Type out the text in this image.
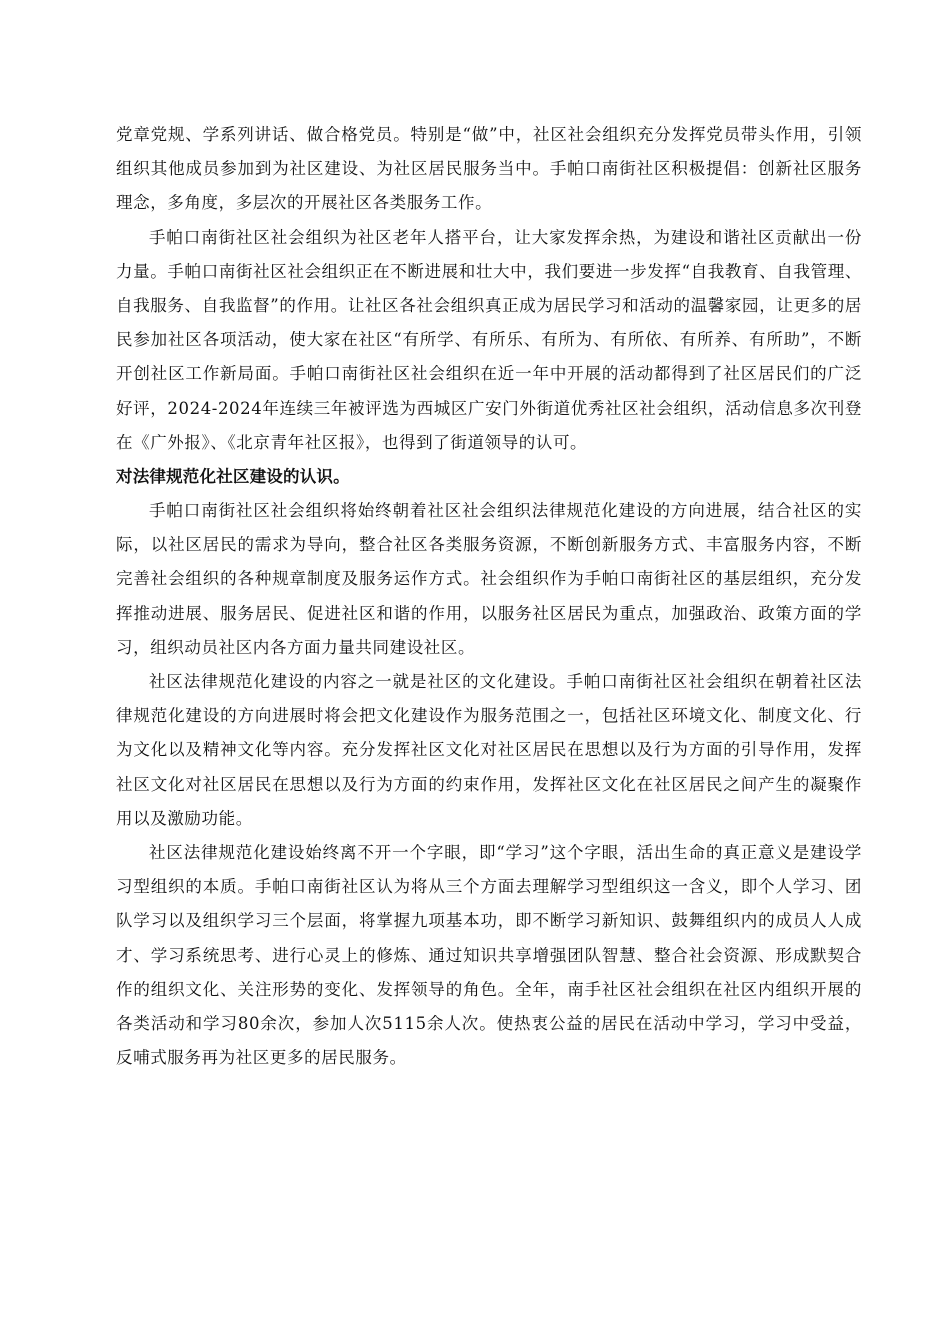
党章党规、学系列讲话、做合格党员。特别是“做”中，社区社会组织充分发挥党员带头作用，引领组织其他成员参加到为社区建设、为社区居民服务当中。手帕口南街社区积极提倡：创新社区服务理念，多角度，多层次的开展社区各类服务工作。

手帕口南街社区社会组织为社区老年人搭平台，让大家发挥余热，为建设和谐社区贡献出一份力量。手帕口南街社区社会组织正在不断进展和壮大中，我们要进一步发挥“自我教育、自我管理、自我服务、自我监督”的作用。让社区各社会组织真正成为居民学习和活动的温馨家园，让更多的居民参加社区各项活动，使大家在社区“有所学、有所乐、有所为、有所依、有所养、有所助”，不断开创社区工作新局面。手帕口南街社区社会组织在近一年中开展的活动都得到了社区居民们的广泛好评，2024-2024年连续三年被评选为西城区广安门外街道优秀社区社会组织，活动信息多次刊登在《广外报》、《北京青年社区报》，也得到了街道领导的认可。

对法律规范化社区建设的认识。

手帕口南街社区社会组织将始终朝着社区社会组织法律规范化建设的方向进展，结合社区的实际，以社区居民的需求为导向，整合社区各类服务资源，不断创新服务方式、丰富服务内容，不断完善社会组织的各种规章制度及服务运作方式。社会组织作为手帕口南街社区的基层组织，充分发挥推动进展、服务居民、促进社区和谐的作用，以服务社区居民为重点，加强政治、政策方面的学习，组织动员社区内各方面力量共同建设社区。

社区法律规范化建设的内容之一就是社区的文化建设。手帕口南街社区社会组织在朝着社区法律规范化建设的方向进展时将会把文化建设作为服务范围之一，包括社区环境文化、制度文化、行为文化以及精神文化等内容。充分发挥社区文化对社区居民在思想以及行为方面的引导作用，发挥社区文化对社区居民在思想以及行为方面的约束作用，发挥社区文化在社区居民之间产生的凝聚作用以及激励功能。

社区法律规范化建设始终离不开一个字眼，即“学习”这个字眼，活出生命的真正意义是建设学习型组织的本质。手帕口南街社区认为将从三个方面去理解学习型组织这一含义，即个人学习、团队学习以及组织学习三个层面，将掌握九项基本功，即不断学习新知识、鼓舞组织内的成员人人成才、学习系统思考、进行心灵上的修炼、通过知识共享增强团队智慧、整合社会资源、形成默契合作的组织文化、关注形势的变化、发挥领导的角色。全年，南手社区社会组织在社区内组织开展的各类活动和学习80余次，参加人次5115余人次。使热衷公益的居民在活动中学习，学习中受益，反哺式服务再为社区更多的居民服务。
